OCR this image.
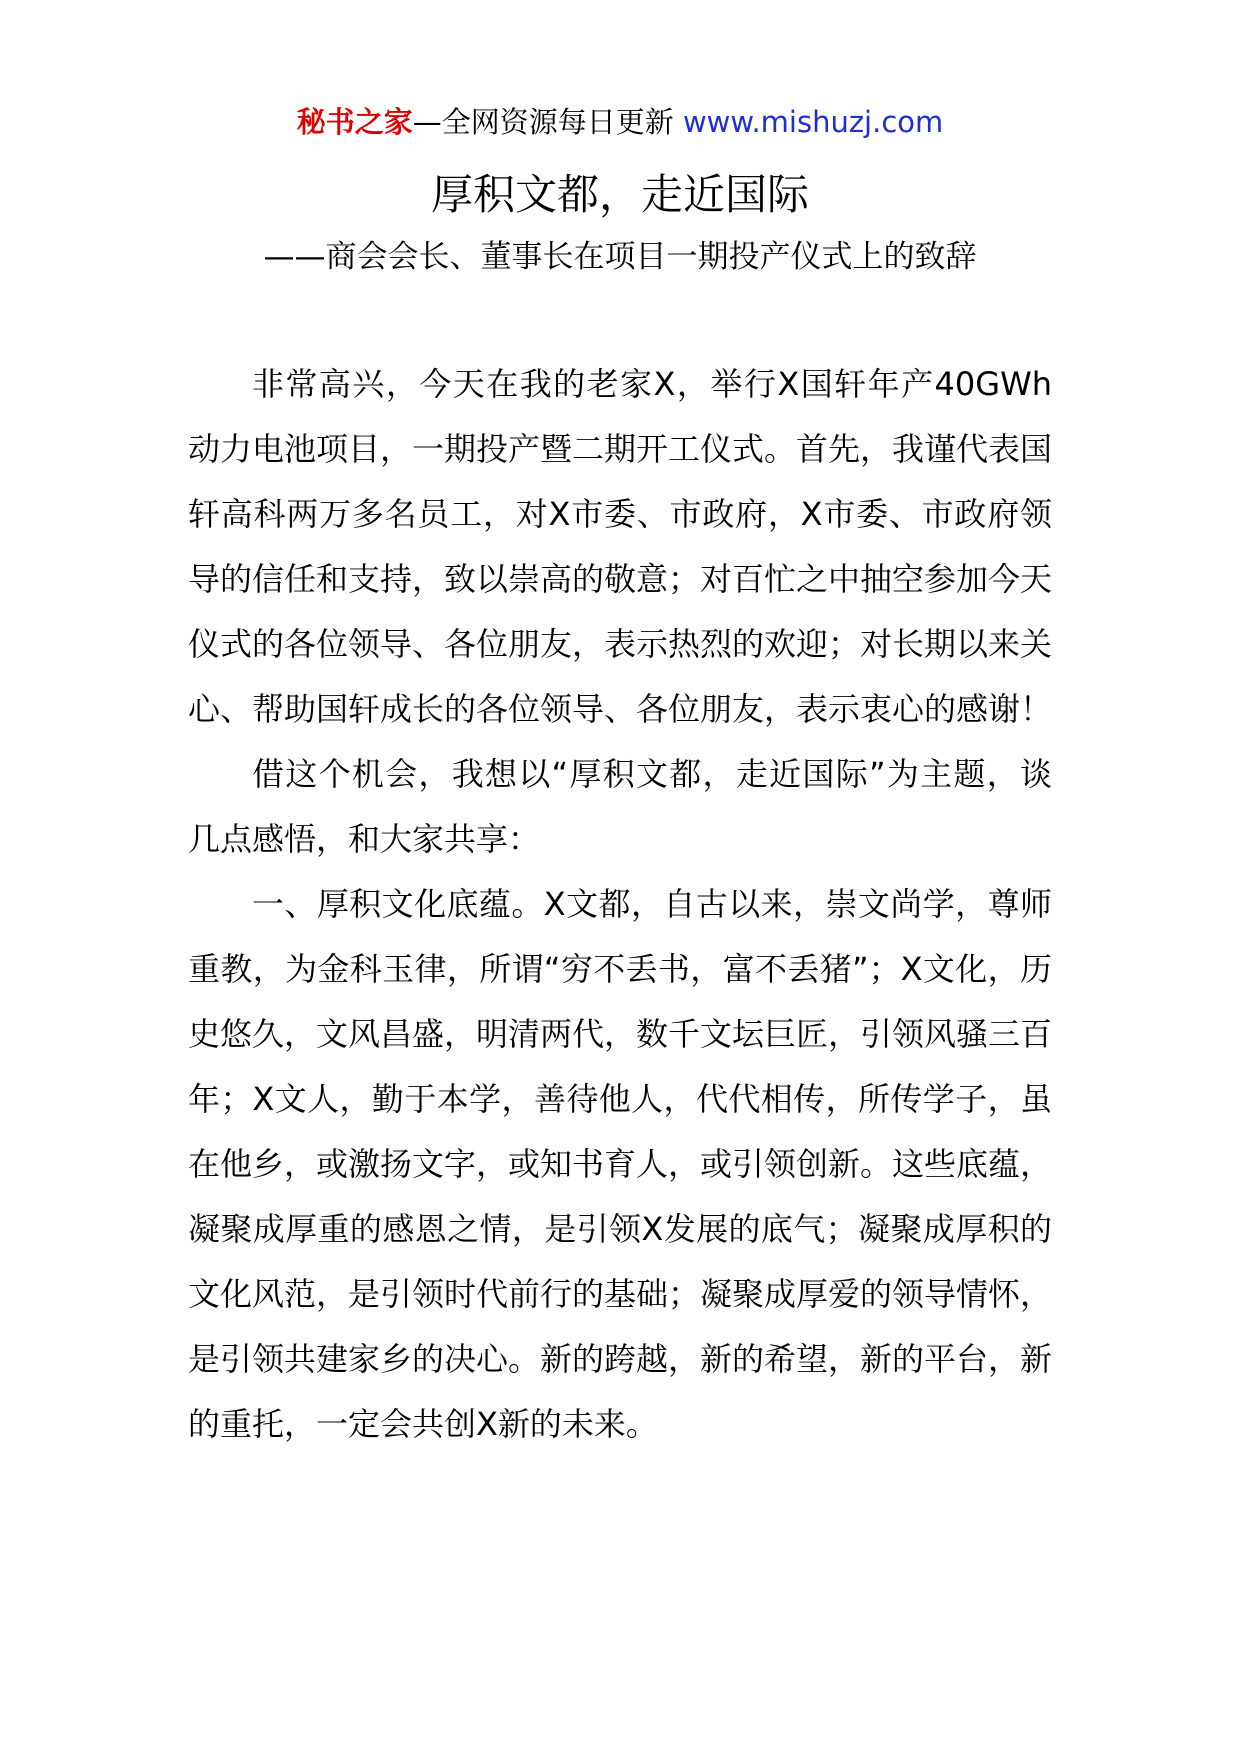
秘书之家—全网资源每日更新 www.mishuzj.com
厚积文都，走近国际
——商会会长、董事长在项目一期投产仪式上的致辞

非常高兴，今天在我的老家X，举行X国轩年产40GWh动力电池项目，一期投产暨二期开工仪式。首先，我谨代表国轩高科两万多名员工，对X市委、市政府，X市委、市政府领导的信任和支持，致以崇高的敬意；对百忙之中抽空参加今天仪式的各位领导、各位朋友，表示热烈的欢迎；对长期以来关心、帮助国轩成长的各位领导、各位朋友，表示衷心的感谢！

借这个机会，我想以“厚积文都，走近国际”为主题，谈几点感悟，和大家共享：

一、厚积文化底蕴。X文都，自古以来，崇文尚学，尊师重教，为金科玉律，所谓“穷不丢书，富不丢猪”；X文化，历史悠久，文风昌盛，明清两代，数千文坛巨匠，引领风骚三百年；X文人，勤于本学，善待他人，代代相传，所传学子，虽在他乡，或激扬文字，或知书育人，或引领创新。这些底蕴，凝聚成厚重的感恩之情，是引领X发展的底气；凝聚成厚积的文化风范，是引领时代前行的基础；凝聚成厚爱的领导情怀，是引领共建家乡的决心。新的跨越，新的希望，新的平台，新的重托，一定会共创X新的未来。
